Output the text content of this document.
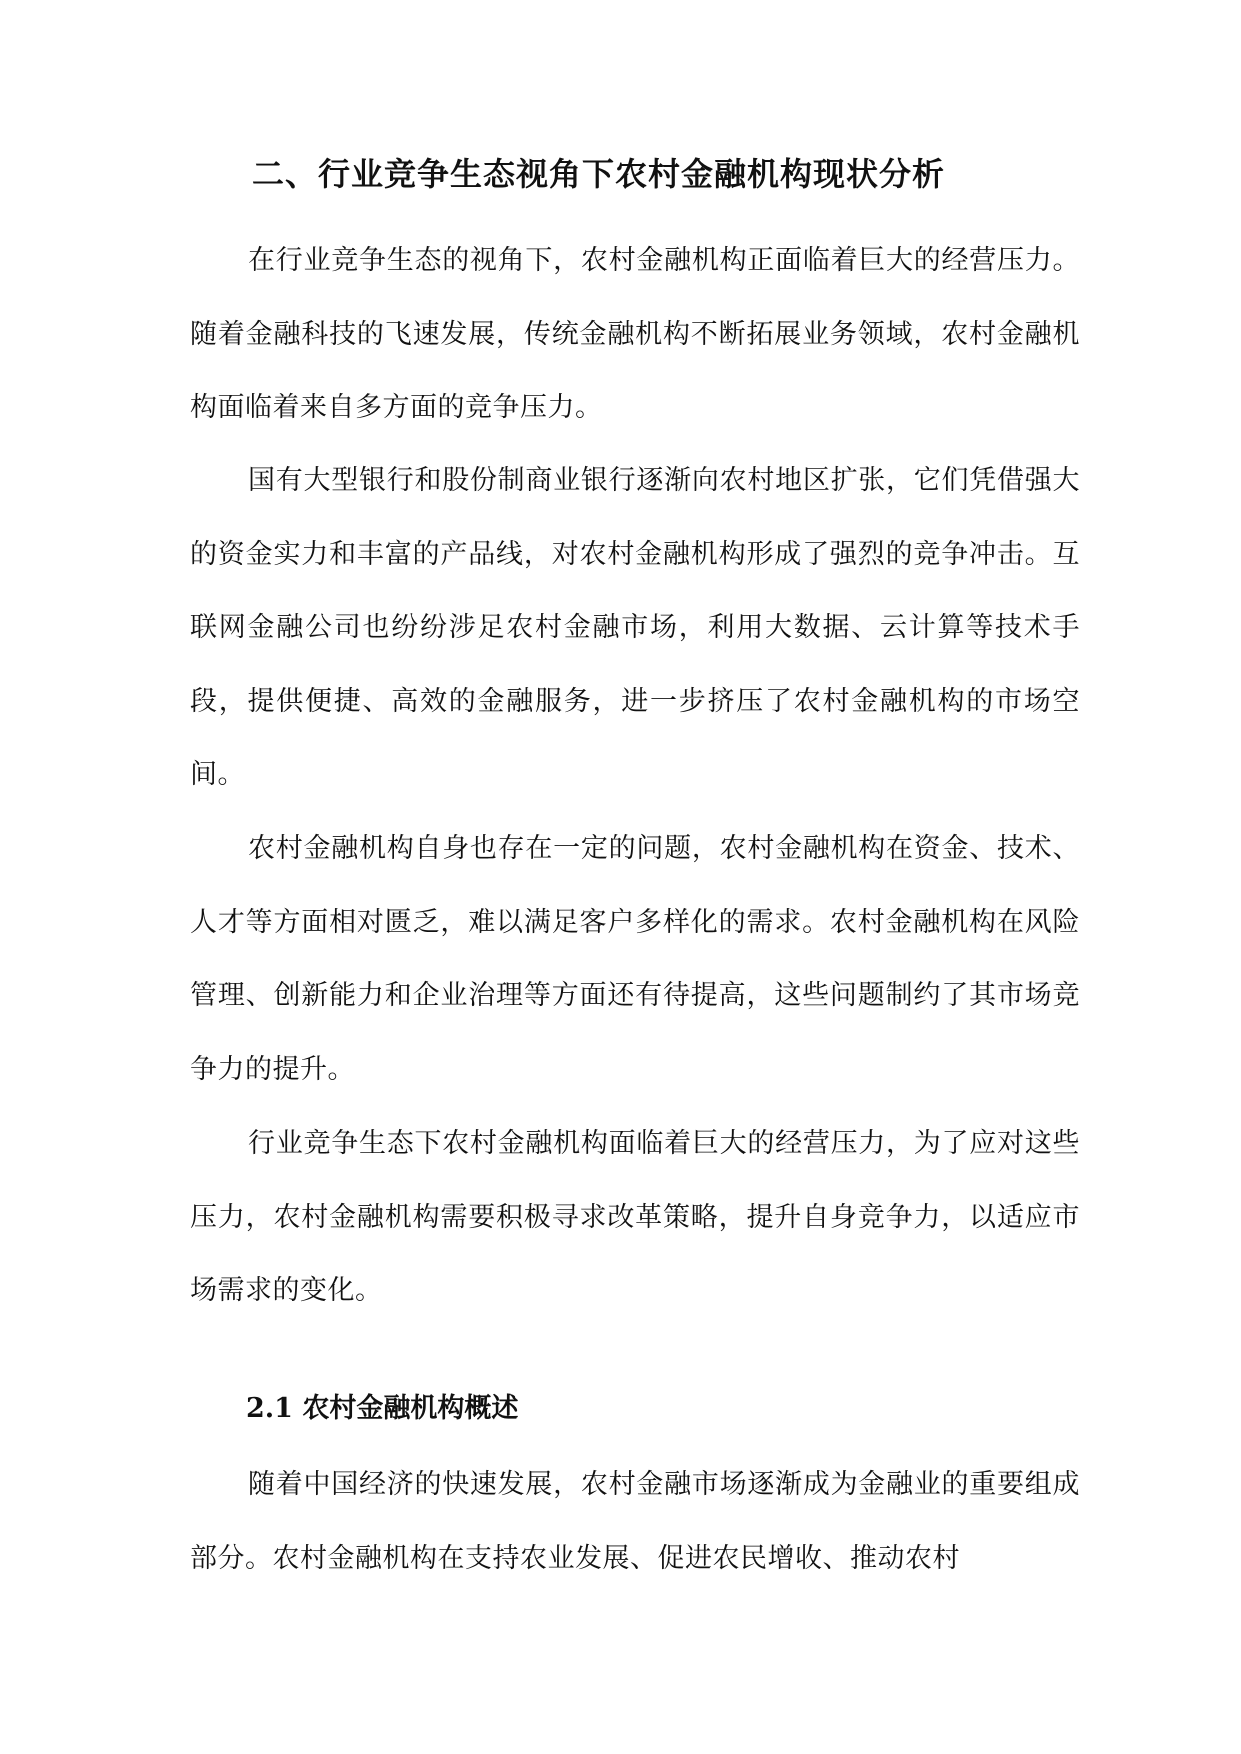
二、行业竞争生态视角下农村金融机构现状分析

在行业竞争生态的视角下，农村金融机构正面临着巨大的经营压力。随着金融科技的飞速发展，传统金融机构不断拓展业务领域，农村金融机构面临着来自多方面的竞争压力。

国有大型银行和股份制商业银行逐渐向农村地区扩张，它们凭借强大的资金实力和丰富的产品线，对农村金融机构形成了强烈的竞争冲击。互联网金融公司也纷纷涉足农村金融市场，利用大数据、云计算等技术手段，提供便捷、高效的金融服务，进一步挤压了农村金融机构的市场空间。

农村金融机构自身也存在一定的问题，农村金融机构在资金、技术、人才等方面相对匮乏，难以满足客户多样化的需求。农村金融机构在风险管理、创新能力和企业治理等方面还有待提高，这些问题制约了其市场竞争力的提升。

行业竞争生态下农村金融机构面临着巨大的经营压力，为了应对这些压力，农村金融机构需要积极寻求改革策略，提升自身竞争力，以适应市场需求的变化。

2.1 农村金融机构概述

随着中国经济的快速发展，农村金融市场逐渐成为金融业的重要组成部分。农村金融机构在支持农业发展、促进农民增收、推动农村
